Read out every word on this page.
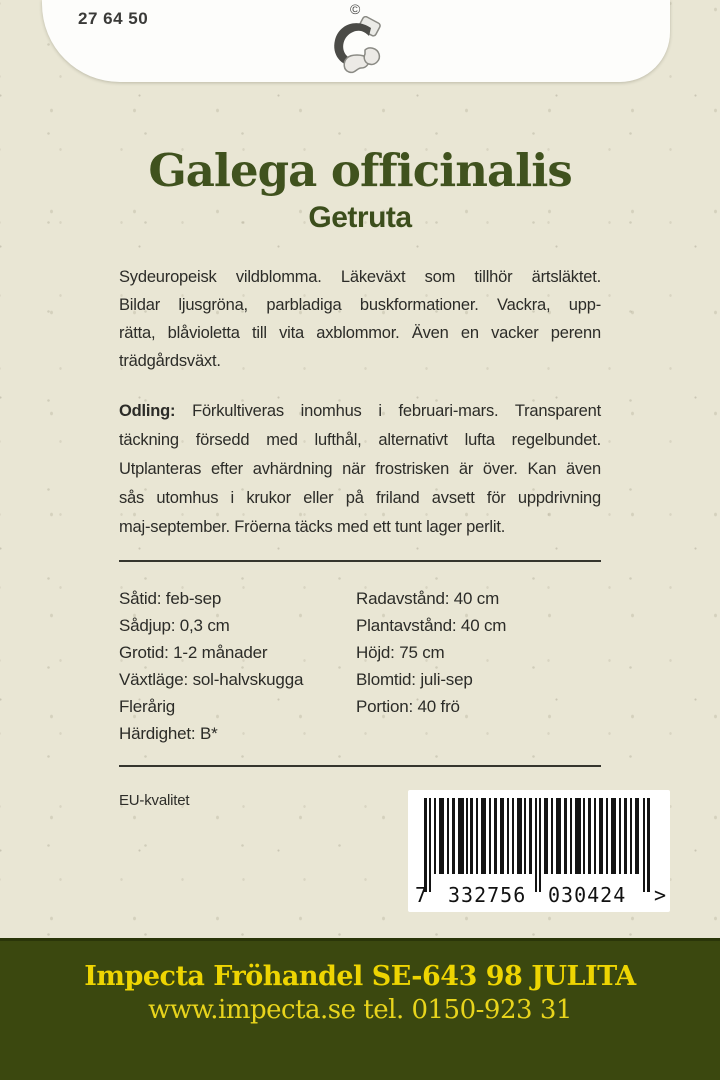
27 64 50	©
Galega officinalis
Getruta
Sydeuropeisk vildblomma. Läkeväxt som tillhör ärtsläktet.
Bildar ljusgröna, parbladiga buskformationer. Vackra, upp-
rätta, blåvioletta till vita axblommor. Även en vacker perenn
trädgårdsväxt.
Odling: Förkultiveras inomhus i februari-mars. Transparent
täckning försedd med lufthål, alternativt lufta regelbundet.
Utplanteras efter avhärdning när frostrisken är över. Kan även
sås utomhus i krukor eller på friland avsett för uppdrivning
maj-september. Fröerna täcks med ett tunt lager perlit.
Såtid: feb-sep
Sådjup: 0,3 cm
Grotid: 1-2 månader
Växtläge: sol-halvskugga
Flerårig
Härdighet: B*
Radavstånd: 40 cm
Plantavstånd: 40 cm
Höjd: 75 cm
Blomtid: juli-sep
Portion: 40 frö
EU-kvalitet
7 332756 030424 >
Impecta Fröhandel SE-643 98 JULITA
www.impecta.se tel. 0150-923 31
